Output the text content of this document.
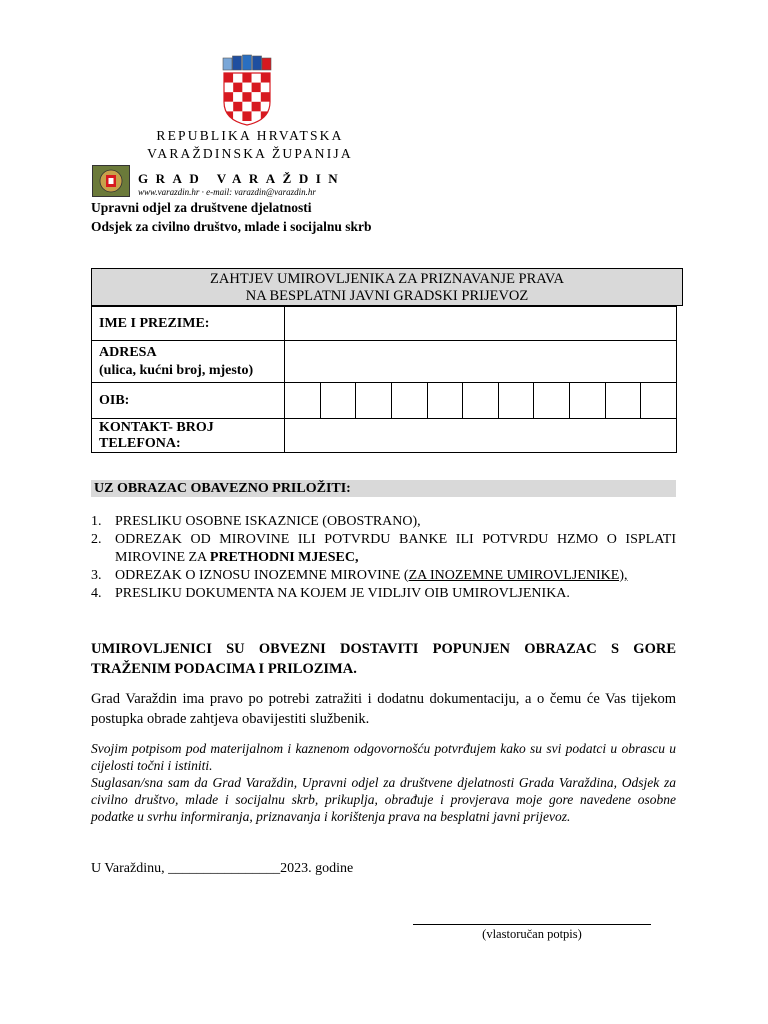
REPUBLIKA HRVATSKA
VARAŽDINSKA ŽUPANIJA
GRAD VARAŽDIN
www.varazdin.hr · e-mail: varazdin@varazdin.hr
Upravni odjel za društvene djelatnosti
Odsjek za civilno društvo, mlade i socijalnu skrb
ZAHTJEV UMIROVLJENIKA ZA PRIZNAVANJE PRAVA
NA BESPLATNI JAVNI GRADSKI PRIJEVOZ
IME I PREZIME:	

ADRESA
(ulica, kućni broj, mjesto)	

OIB:	

KONTAKT- BROJ
TELEFONA:	

UZ OBRAZAC OBAVEZNO PRILOŽITI:
1. PRESLIKU OSOBNE ISKAZNICE (OBOSTRANO),
2. ODREZAK OD MIROVINE ILI POTVRDU BANKE ILI POTVRDU HZMO O ISPLATI MIROVINE ZA PRETHODNI MJESEC,
3. ODREZAK O IZNOSU INOZEMNE MIROVINE (ZA INOZEMNE UMIROVLJENIKE),
4. PRESLIKU DOKUMENTA NA KOJEM JE VIDLJIV OIB UMIROVLJENIKA.
UMIROVLJENICI SU OBVEZNI DOSTAVITI POPUNJEN OBRAZAC S GORE TRAŽENIM PODACIMA I PRILOZIMA.
Grad Varaždin ima pravo po potrebi zatražiti i dodatnu dokumentaciju, a o čemu će Vas tijekom postupka obrade zahtjeva obavijestiti službenik.
Svojim potpisom pod materijalnom i kaznenom odgovornošću potvrđujem kako su svi podatci u obrascu u cijelosti točni i istiniti.
Suglasan/sna sam da Grad Varaždin, Upravni odjel za društvene djelatnosti Grada Varaždina, Odsjek za civilno društvo, mlade i socijalnu skrb, prikuplja, obrađuje i provjerava moje gore navedene osobne podatke u svrhu informiranja, priznavanja i korištenja prava na besplatni javni prijevoz.
U Varaždinu, ________________2023. godine
(vlastoručan potpis)
